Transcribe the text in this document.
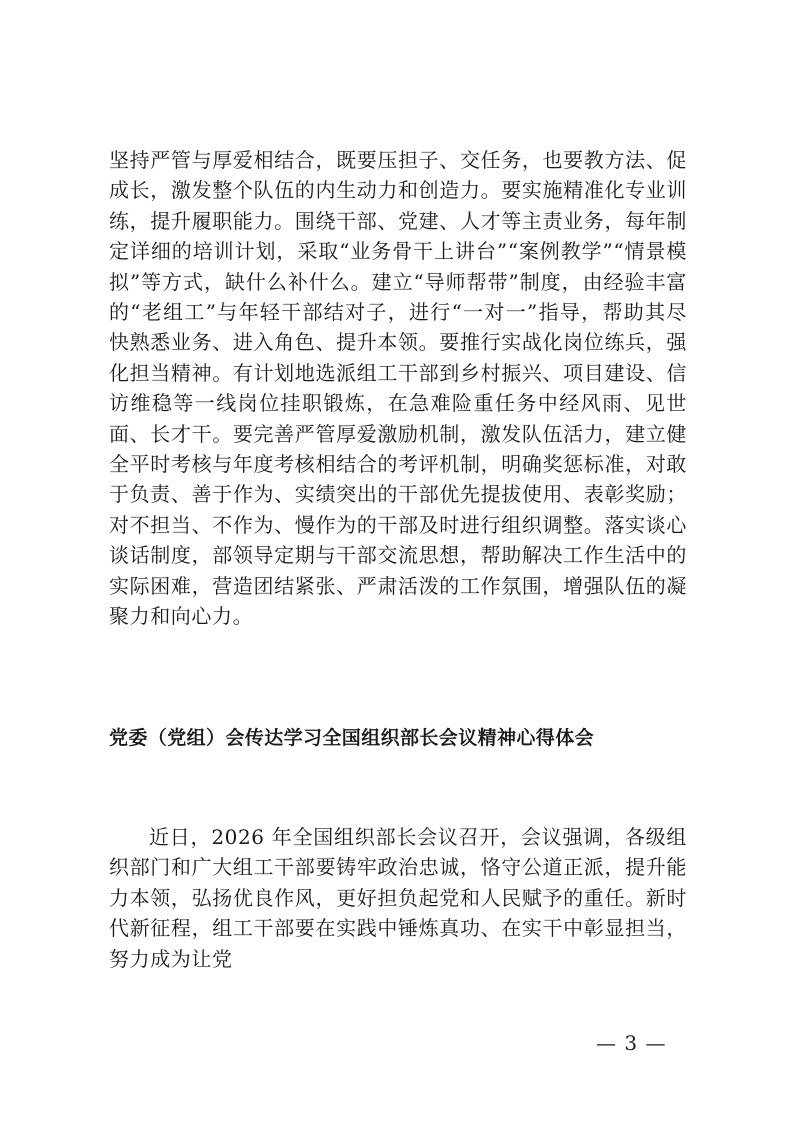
坚持严管与厚爱相结合，既要压担子、交任务，也要教方法、促成长，激发整个队伍的内生动力和创造力。要实施精准化专业训练，提升履职能力。围绕干部、党建、人才等主责业务，每年制定详细的培训计划，采取“业务骨干上讲台”“案例教学”“情景模拟”等方式，缺什么补什么。建立“导师帮带”制度，由经验丰富的“老组工”与年轻干部结对子，进行“一对一”指导，帮助其尽快熟悉业务、进入角色、提升本领。要推行实战化岗位练兵，强化担当精神。有计划地选派组工干部到乡村振兴、项目建设、信访维稳等一线岗位挂职锻炼，在急难险重任务中经风雨、见世面、长才干。要完善严管厚爱激励机制，激发队伍活力，建立健全平时考核与年度考核相结合的考评机制，明确奖惩标准，对敢于负责、善于作为、实绩突出的干部优先提拔使用、表彰奖励；对不担当、不作为、慢作为的干部及时进行组织调整。落实谈心谈话制度，部领导定期与干部交流思想，帮助解决工作生活中的实际困难，营造团结紧张、严肃活泼的工作氛围，增强队伍的凝聚力和向心力。

党委（党组）会传达学习全国组织部长会议精神心得体会

近日，2026 年全国组织部长会议召开，会议强调，各级组织部门和广大组工干部要铸牢政治忠诚，恪守公道正派，提升能力本领，弘扬优良作风，更好担负起党和人民赋予的重任。新时代新征程，组工干部要在实践中锤炼真功、在实干中彰显担当，努力成为让党

— 3 —
